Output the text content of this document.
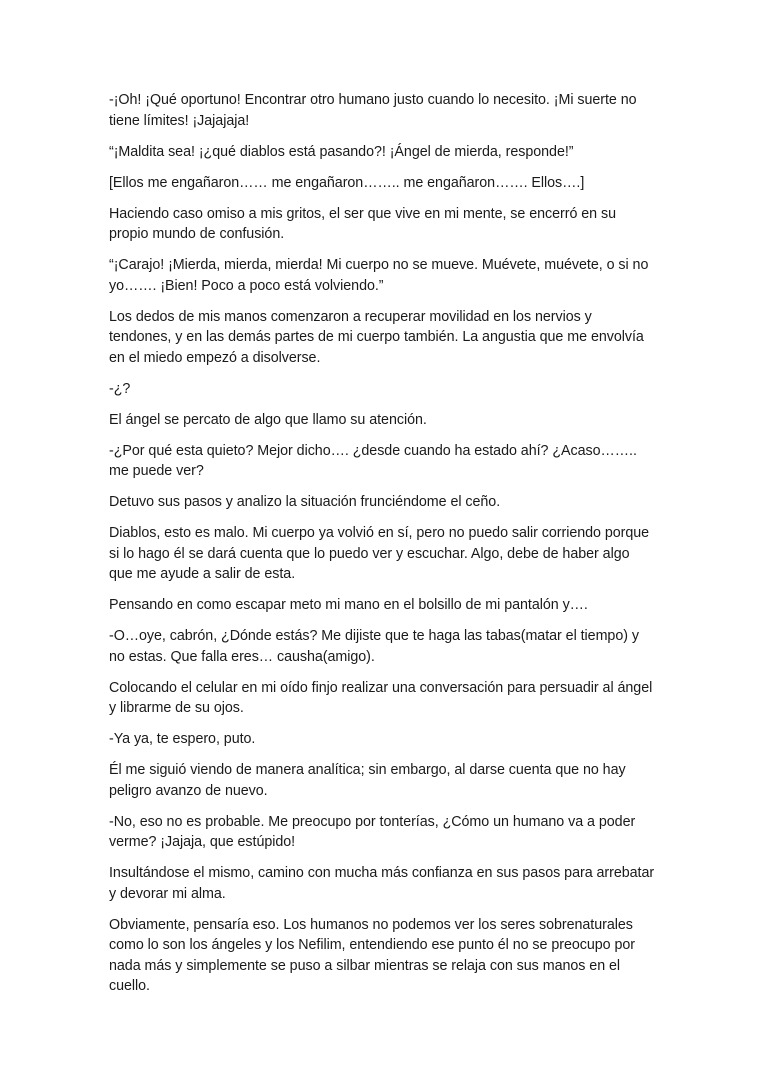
-¡Oh! ¡Qué oportuno! Encontrar otro humano justo cuando lo necesito. ¡Mi suerte no tiene límites! ¡Jajajaja!

“¡Maldita sea! ¡¿qué diablos está pasando?! ¡Ángel de mierda, responde!”

[Ellos me engañaron…… me engañaron…….. me engañaron……. Ellos….]

Haciendo caso omiso a mis gritos, el ser que vive en mi mente, se encerró en su propio mundo de confusión.

“¡Carajo! ¡Mierda, mierda, mierda! Mi cuerpo no se mueve. Muévete, muévete, o si no yo……. ¡Bien! Poco a poco está volviendo.”

Los dedos de mis manos comenzaron a recuperar movilidad en los nervios y tendones, y en las demás partes de mi cuerpo también. La angustia que me envolvía en el miedo empezó a disolverse.

-¿?

El ángel se percato de algo que llamo su atención.

-¿Por qué esta quieto? Mejor dicho…. ¿desde cuando ha estado ahí? ¿Acaso…….. me puede ver?

Detuvo sus pasos y analizo la situación frunciéndome el ceño.

Diablos, esto es malo. Mi cuerpo ya volvió en sí, pero no puedo salir corriendo porque si lo hago él se dará cuenta que lo puedo ver y escuchar. Algo, debe de haber algo que me ayude a salir de esta.

Pensando en como escapar meto mi mano en el bolsillo de mi pantalón y….

-O…oye, cabrón, ¿Dónde estás? Me dijiste que te haga las tabas(matar el tiempo) y no estas. Que falla eres… causha(amigo).

Colocando el celular en mi oído finjo realizar una conversación para persuadir al ángel y librarme de su ojos.

-Ya ya, te espero, puto.

Él me siguió viendo de manera analítica; sin embargo, al darse cuenta que no hay peligro avanzo de nuevo.

-No, eso no es probable. Me preocupo por tonterías, ¿Cómo un humano va a poder verme? ¡Jajaja, que estúpido!

Insultándose el mismo, camino con mucha más confianza en sus pasos para arrebatar y devorar mi alma.

Obviamente, pensaría eso. Los humanos no podemos ver los seres sobrenaturales como lo son los ángeles y los Nefilim, entendiendo ese punto él no se preocupo por nada más y simplemente se puso a silbar mientras se relaja con sus manos en el cuello.
